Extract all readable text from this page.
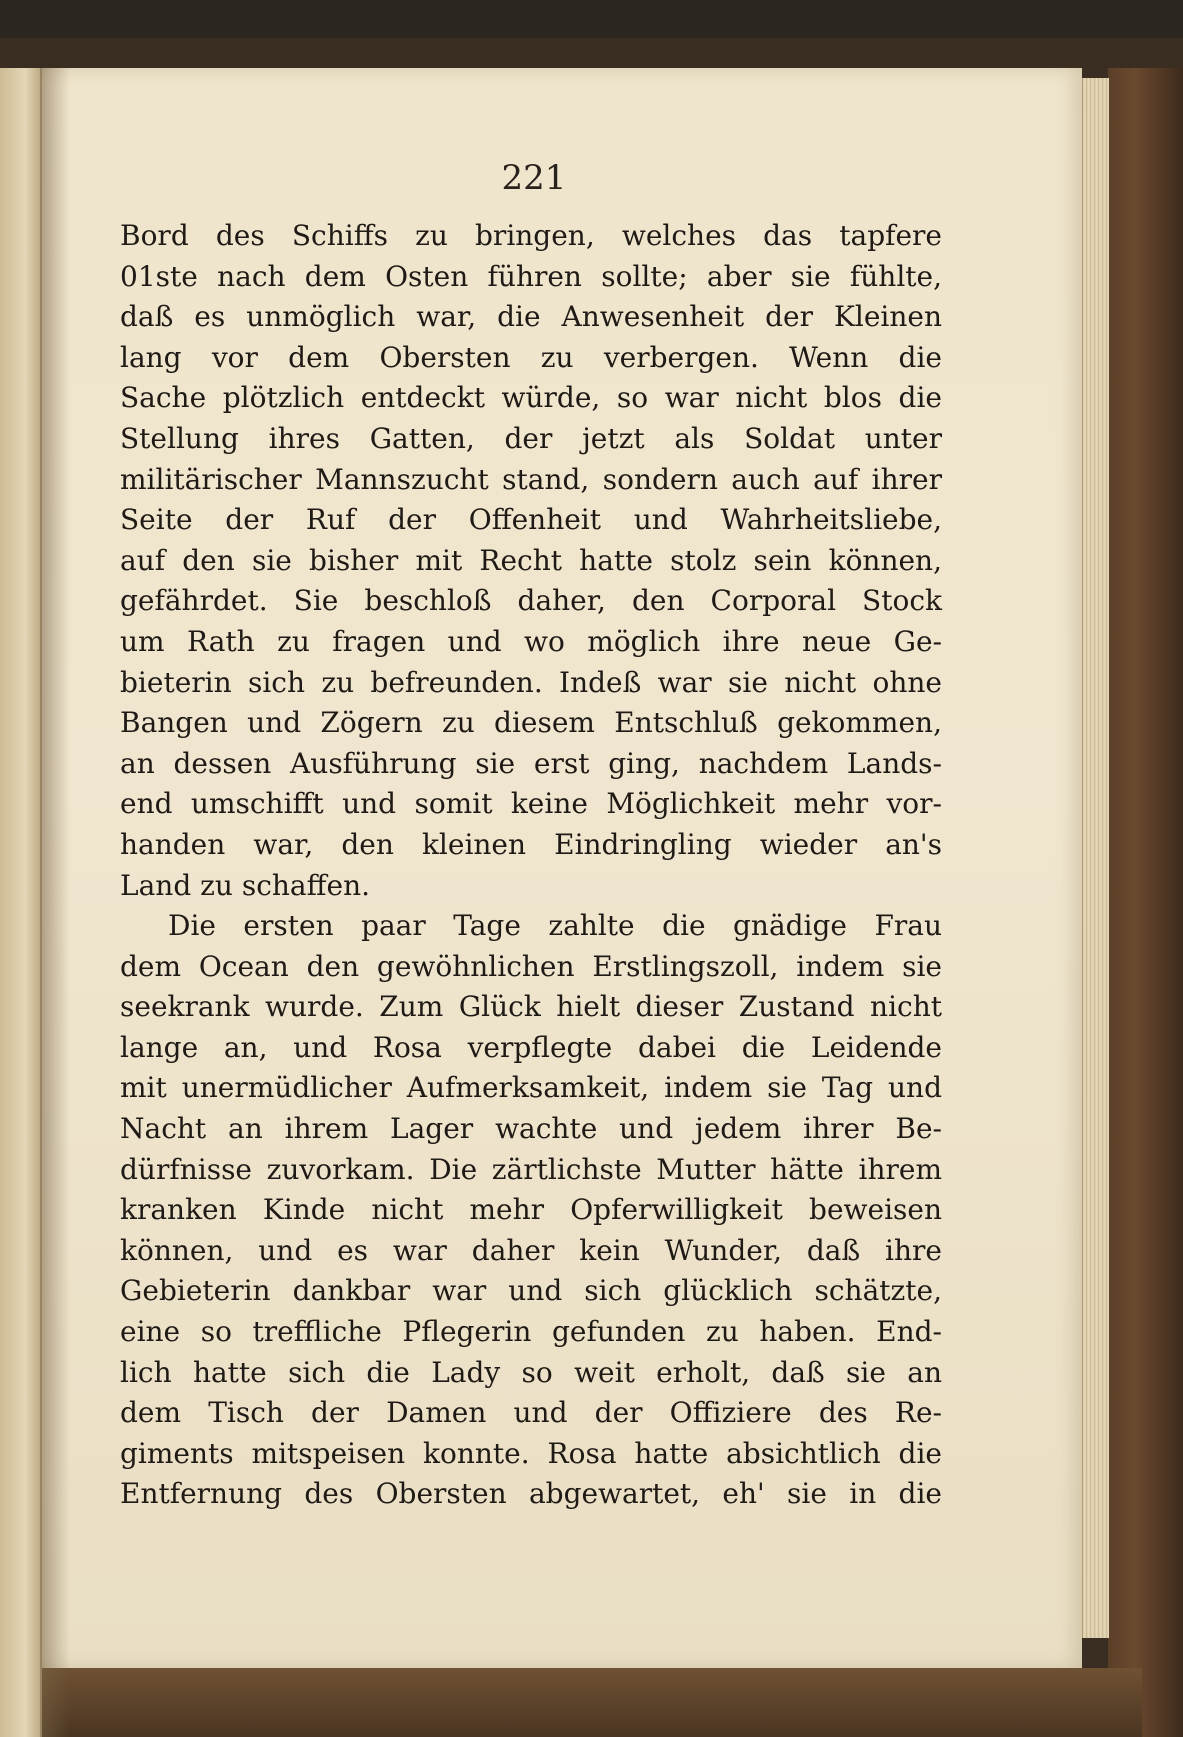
221
Bord des Schiffs zu bringen, welches das tapfere
01ste nach dem Osten führen sollte; aber sie fühlte,
daß es unmöglich war, die Anwesenheit der Kleinen
lang vor dem Obersten zu verbergen. Wenn die
Sache plötzlich entdeckt würde, so war nicht blos die
Stellung ihres Gatten, der jetzt als Soldat unter
militärischer Mannszucht stand, sondern auch auf ihrer
Seite der Ruf der Offenheit und Wahrheitsliebe,
auf den sie bisher mit Recht hatte stolz sein können,
gefährdet. Sie beschloß daher, den Corporal Stock
um Rath zu fragen und wo möglich ihre neue Ge-
bieterin sich zu befreunden. Indeß war sie nicht ohne
Bangen und Zögern zu diesem Entschluß gekommen,
an dessen Ausführung sie erst ging, nachdem Lands-
end umschifft und somit keine Möglichkeit mehr vor-
handen war, den kleinen Eindringling wieder an's
Land zu schaffen.
Die ersten paar Tage zahlte die gnädige Frau
dem Ocean den gewöhnlichen Erstlingszoll, indem sie
seekrank wurde. Zum Glück hielt dieser Zustand nicht
lange an, und Rosa verpflegte dabei die Leidende
mit unermüdlicher Aufmerksamkeit, indem sie Tag und
Nacht an ihrem Lager wachte und jedem ihrer Be-
dürfnisse zuvorkam. Die zärtlichste Mutter hätte ihrem
kranken Kinde nicht mehr Opferwilligkeit beweisen
können, und es war daher kein Wunder, daß ihre
Gebieterin dankbar war und sich glücklich schätzte,
eine so treffliche Pflegerin gefunden zu haben. End-
lich hatte sich die Lady so weit erholt, daß sie an
dem Tisch der Damen und der Offiziere des Re-
giments mitspeisen konnte. Rosa hatte absichtlich die
Entfernung des Obersten abgewartet, eh' sie in die
